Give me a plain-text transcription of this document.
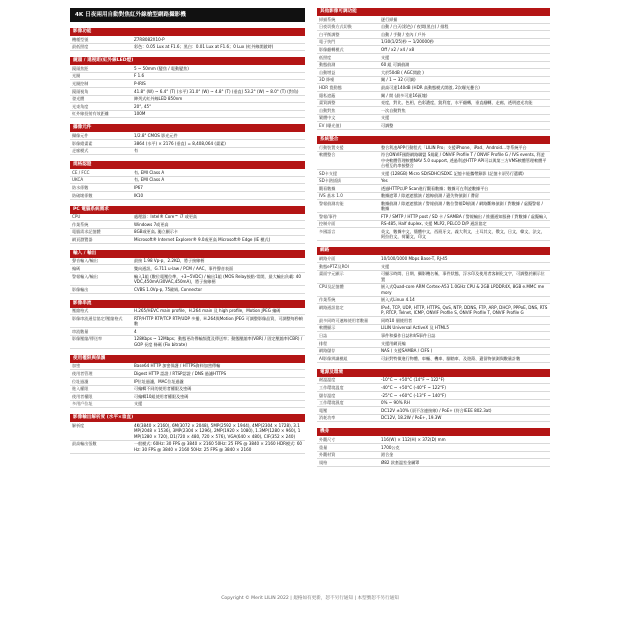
4K 日夜兩用自動對焦紅外線槍型網路攝影機
影像功能
機種型號	Z7R8082X10-P
最低照度	彩色：0.05 Lux at F1.6；黑白：0.01 Lux at F1.6；0 Lux (紅外線開啟時)
鏡頭 / 遠視距(紅外線LED燈)
鏡頭焦距	5 ~ 50mm (變焦 / 電動變焦)
光圈	F 1.6
光圈控制	P-IRIS
鏡頭視角	41.8° (W) ~ 6.4° (T) (水平) 31.0° (W) ~ 4.8° (T) (垂直) 53.2° (W) ~ 8.0° (T) (對角)
發光體	陣列式紅外線LED 850nm
光束角度	20°, 45°
紅外線投射有效距離	100M
攝像元件
攝像元件	1/2.8" CMOS 影光元件
影像總畫素	3864 (水平) × 2176 (垂直) = 8,408,064 (畫素)
走廊模式	有
規格認證
CE / FCC	有, EMI Class A
UKCA	有, EMI Class A
防水係數	IP67
防破壞係數	IK10
PC 電腦系統需求
CPU	處理器：Intel® Core™ i7 或更高
作業系統	Windows 7或更高
電腦需求記憶體	8GB或更高, 獨立顯示卡
網頁瀏覽器	Microsoft® Internet Explorer® 9.0或更高 Microsoft® Edge (IE 模式)
輸入 / 輸出
聲音輸入/輸出	最接 1.98 Vp-p，2.2KΩ，將子接線柄
編碼	雙向通訊，G.711 u-law / PCM / AAC，事件聲音表面
警報輸入/輸出	輸入1組 (數位電壓位準，+3~5VDC) / 輸出1組 (MOS Relay接點-常開，最大輸出負載: 40VDC,450mA/30VAC,450mA)，將子接線柄
影像輸出	CVBS 1.0Vp-p, 75歐姆, Connector
影像串流
壓縮格式	H.265/HEVC main profile，H.264 main 及 high profile，Motion JPEG 編碼
影像串流通信協定/壓縮格式	RTP/HTTP RTP/TCP RTP/UDP 多播，H.264與Motion JPEG 可調整影像品質，可調整每秒幀數
串流數量	4
影像壓縮/傳送率	128Kbps ~ 12Mbps；動態更改傳輸頻寬及傳送率；動態壓縮率(VBR) / 固定壓縮率(CBR) / GOP 長度 條碼 (Fix bitrate)
使用權限與保護
加密	Base64 HTTP 加密保護 / HTTPS資料加密傳輸
使用者管理	Digest HTTP 認證 / RTSP認證 / DNS 過濾HTTPS
位址過濾	IP位址過濾，MAC位址過濾
進入權限	可編輯不同的使用者權限及密碼
使用者權限	可編輯10組使用者權限及密碼
多用戶位址	支援
影像輸出解析度 (水平×垂直)
解析度	4K(3840 × 2160), 6M(3072 × 2048), 5MP(2592 × 1944), 4MP(2304 × 1728), 3.1MP(2048 × 1536), 3MP(2304 × 1296), 2MP(1920 × 1080), 1.3MP(1280 × 960), 1MP(1280 × 720), D1(720 × 480, 720 × 576), VGA(640 × 480), CIF(352 × 240)
最高輸出張數	一般模式: 60Hz: 30 FPS @ 3840 × 2160 50Hz: 25 FPS @ 3840 × 2160 HDR模式: 60Hz: 30 FPS @ 3840 × 2160 50Hz: 25 FPS @ 3840 × 2160
其他影像可調功能
掃描系統	逐行掃描
日夜切換方式切換	自動 / 白天(彩色) / 夜間(黑白) / 排程
白平衡調整	自動 / 手動 / 室內 / 戶外
電子快門	1/30(1/25)秒 ~ 1/20000秒
影像翻轉模式	Off / x2 / x4 / x8
低照度	支援
動態偵測	60 組 可調偵測
自動增益	大於50dB ( AGC開啟 )
3D 降噪	關 / 1 ~ 32 (可調)
HDR 寬動態	最高可達140dB (HDR 高動態模式開啟, 2次曝光疊合)
隱私遮蔽	關 / 開 (最多可達16區塊)
畫質調整	亮度，對比，色相，色彩濃度，銳利度，水平翻轉，垂直翻轉，走廊，透明遮光功能
自動對焦	一次自動對焦
繁體中文	支援
EV (曝光值)	可調整
系統整合
行動裝置支援	整合利凌APP行動程式「LILIN Pro」支援iPhone、iPad、Android…等系統平台
軟體整合	符合ONVIF國際網路聯盟 S規範 / ONVIF Profile T / ONVIF Profile G / IVS events, 利凌中央軟體管理軟體NAV 5.0 support, 透過利凌HTTP API可以與第三方VMS軟體管理軟體平台相互的串接整合
SD卡支援	支援 (128GB) Micro SD/SDHC/SDXC 記憶卡能攜帶錄影 (記憶卡須另行選購)
SD卡熱插拔	Yes
觀看數據	透過HTTP以IP Scan進行觀看數據；數據可在利凌數據平台
IVS 基本 1.0	數據遮罩 / 除遮遮擋演 / 越線偵測 / 遺失物偵測 / 滯留
警報偵測功能	數據偵測 / 除遮遮擋演 / 警報偵測 / 數位警報DI偵測 / 網路斷線偵測 / 對數據 / 虛擬警報 / 數據
警報/事件	FTP / SMTP / HTTP post / SD 卡 / SAMBA / 警報輸出 / 推播通知服務 / 對數據 / 虛擬輸入
控制介面	RS-485, Half duplex, 支援 MLP2, PELCO D/P 通訊協定
多國語言	英文，數據中文，簡體中文，西班牙文，義大利文，土耳其文，俄文，日文，韓文，法文，阿拉伯文，荷蘭文，印文
網路
網路介面	10/100/1000 Mbps Base-T, RJ-45
動態ePTZ及ROI	支援
畫面字元顯示	可顯示時間、日期、攝影機名稱，事件狀態，浮水印及使用者客制化文字，可調整於顯示位置
CPU及記憶體	嵌入式Quad-core ARM Cortex-A53 1.0GHz CPU & 2GB LPDDR4X, 8GB e.MMC memory
作業系統	嵌入式Linux 4.14
網路通訊協定	IPv4, TCP, UDP, HTTP, HTTPS, QoS, NTP, DDNS, FTP, ARP, DHCP, PPPoE, DNS, RTSP, RTCP, Telnet, ICMP, ONVIF Profile S, ONVIF Profile T, ONVIF Profile G
最多同時可連線使用者數量	同時10 個使用者
軟體顯示	LILIN Universal ActiveX 及 HTML5
日誌	事件和操作日誌和I/S事件日誌
排程	支援用網頁編
網路儲存	NAS ( 支援SAMBA / CIFS )
AI影像辨識模組	可針對特徵進行物體、車輛、機車、腳踏車、及遊蕩、遺留物偵測與數量計數
電源及環境
耐溫溫度	-10°C ~ +50°C (14°F ~ 122°F)
工作環境溫度	-40°C ~ +50°C (-40°F ~ 122°F)
儲存溫度	-25°C ~ +60°C (-13°F ~ 140°F)
工作環境濕度	0% ~ 90% RH
電壓	DC12V ±10% (須不含連接線) / PoE+ (符合IEEE 802.3at)
消耗功率	DC12V, 18.2W / PoE+, 19.3W
機身
外觀尺寸	116(W) × 112(H) × 372(D) mm
重量	1700公克
外觀材質	鋁合金
規格	Ø82 款套溫室金屬罩
Copyright © Merit LILIN 2022 | 規格如有更新，恕不另行通知 | 本型號恕不另行通知
